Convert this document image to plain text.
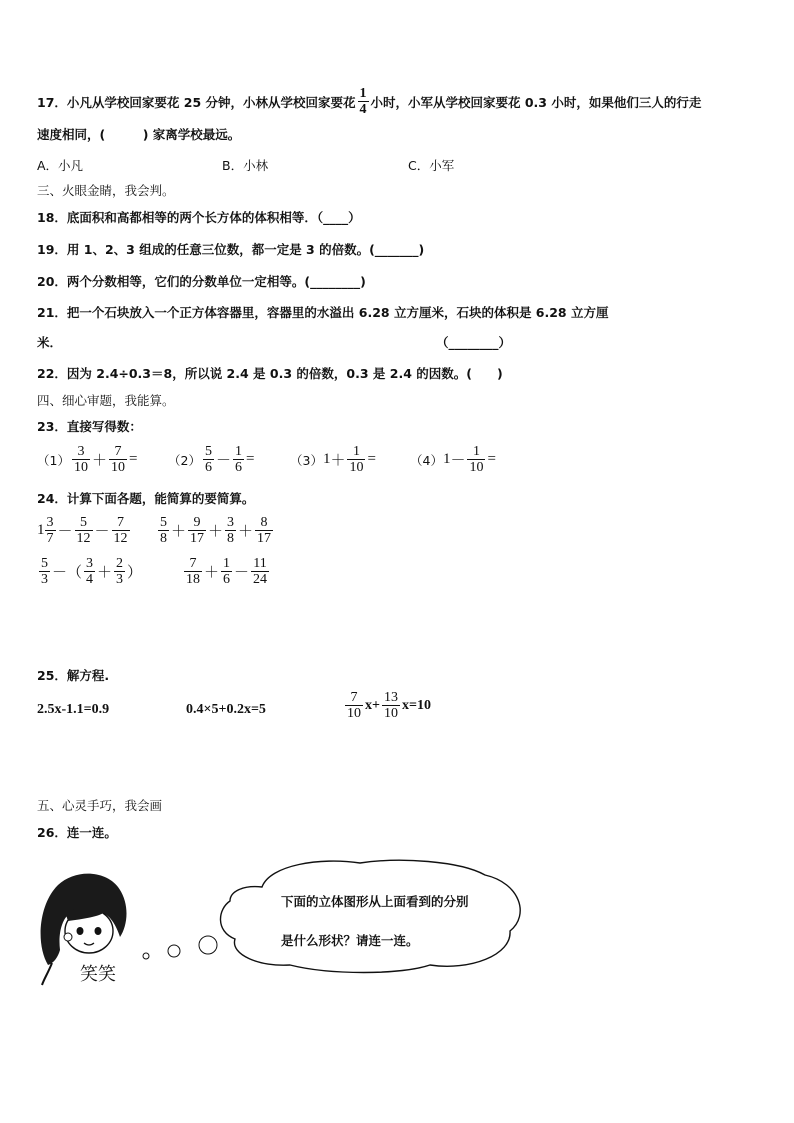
17．小凡从学校回家要花 25 分钟，小林从学校回家要花 $\frac{1}{4}$ 小时，小军从学校回家要花 0.3 小时，如果他们三人的行走
速度相同，(　　　) 家离学校最远。
A．小凡	B．小林	C．小军
三、火眼金睛，我会判。
18．底面积和高都相等的两个长方体的体积相等．（____）
19．用 1、2、3 组成的任意三位数，都一定是 3 的倍数。(_______)
20．两个分数相等，它们的分数单位一定相等。(________)
21．把一个石块放入一个正方体容器里，容器里的水溢出 6.28 立方厘米，石块的体积是 6.28 立方厘
米．	（________）
22．因为 2.4÷0.3＝8，所以说 2.4 是 0.3 的倍数，0.3 是 2.4 的因数。(　　)
四、细心审题，我能算。
23．直接写得数：
$(1) \frac{3}{10} + \frac{7}{10} = (2) \frac{5}{6} - \frac{1}{6}$ =	（3） $1 + \frac{1}{10}$ =	（4） $1 - \frac{1}{10}$ =
24．计算下面各题，能简算的要简算。
$1 \frac{3}{7} - \frac{5}{12} - \frac{7}{12} \frac{5}{8} + \frac{9}{17} + \frac{3}{8} + \frac{8}{17}$
$\frac{5}{3}$ －（ $\frac{3}{4} + \frac{2}{3}$ ）	$\frac{7}{18} + \frac{1}{6} - \frac{11}{24}$
25．解方程.
2.5x-1.1=0.9	0.4×5+0.2x=5	$\frac{7}{10} x+ \frac{13}{10} x=10$
五、心灵手巧，我会画
26．连一连。
下面的立体图形从上面看到的分别
是什么形状？请连一连。
笑笑
